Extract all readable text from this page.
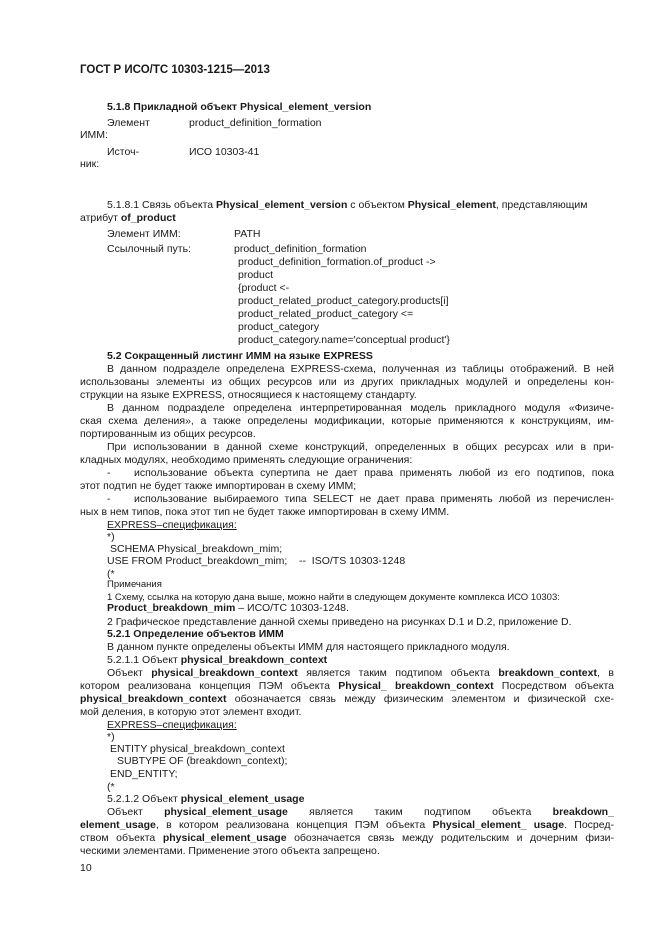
ГОСТ Р ИСО/ТС 10303-1215—2013
5.1.8 Прикладной объект Physical_element_version
Элемент	product_definition_formation
ИММ:
Источ-	ИСО 10303-41
ник:
5.1.8.1 Связь объекта Physical_element_version с объектом Physical_element, представляющим
атрибут of_product
Элемент ИММ:	PATH
Ссылочный путь:	product_definition_formation
product_definition_formation.of_product ->
product
{product <-
product_related_product_category.products[i]
product_related_product_category <=
product_category
product_category.name='conceptual product'}
5.2 Сокращенный листинг ИММ на языке EXPRESS
В данном подразделе определена EXPRESS-схема, полученная из таблицы отображений. В ней
использованы элементы из общих ресурсов или из других прикладных модулей и определены кон-
струкции на языке EXPRESS, относящиеся к настоящему стандарту.
В данном подразделе определена интерпретированная модель прикладного модуля «Физиче-
ская схема деления», а также определены модификации, которые применяются к конструкциям, им-
портированным из общих ресурсов.
При использовании в данной схеме конструкций, определенных в общих ресурсах или в при-
кладных модулях, необходимо применять следующие ограничения:
- использование объекта супертипа не дает права применять любой из его подтипов, пока
этот подтип не будет также импортирован в схему ИММ;
- использование выбираемого типа SELECT не дает права применять любой из перечислен-
ных в нем типов, пока этот тип не будет также импортирован в схему ИММ.
EXPRESS–спецификация:
*)
SCHEMA Physical_breakdown_mim;
USE FROM Product_breakdown_mim;    --  ISO/TS 10303-1248
(*
Примечания
1 Схему, ссылка на которую дана выше, можно найти в следующем документе комплекса ИСО 10303:
Product_breakdown_mim – ИСО/ТС 10303-1248.
2 Графическое представление данной схемы приведено на рисунках D.1 и D.2, приложение D.
5.2.1 Определение объектов ИММ
В данном пункте определены объекты ИММ для настоящего прикладного модуля.
5.2.1.1 Объект physical_breakdown_context
Объект physical_breakdown_context является таким подтипом объекта breakdown_context, в
котором реализована концепция ПЭМ объекта Physical_ breakdown_context Посредством объекта
physical_breakdown_context обозначается связь между физическим элементом и физической схе-
мой деления, в которую этот элемент входит.
EXPRESS–спецификация:
*)
ENTITY physical_breakdown_context
SUBTYPE OF (breakdown_context);
END_ENTITY;
(*
5.2.1.2 Объект physical_element_usage
Объект physical_element_usage является таким подтипом объекта breakdown_
element_usage, в котором реализована концепция ПЭМ объекта Physical_element_ usage. Посред-
ством объекта physical_element_usage обозначается связь между родительским и дочерним физи-
ческими элементами. Применение этого объекта запрещено.
10
